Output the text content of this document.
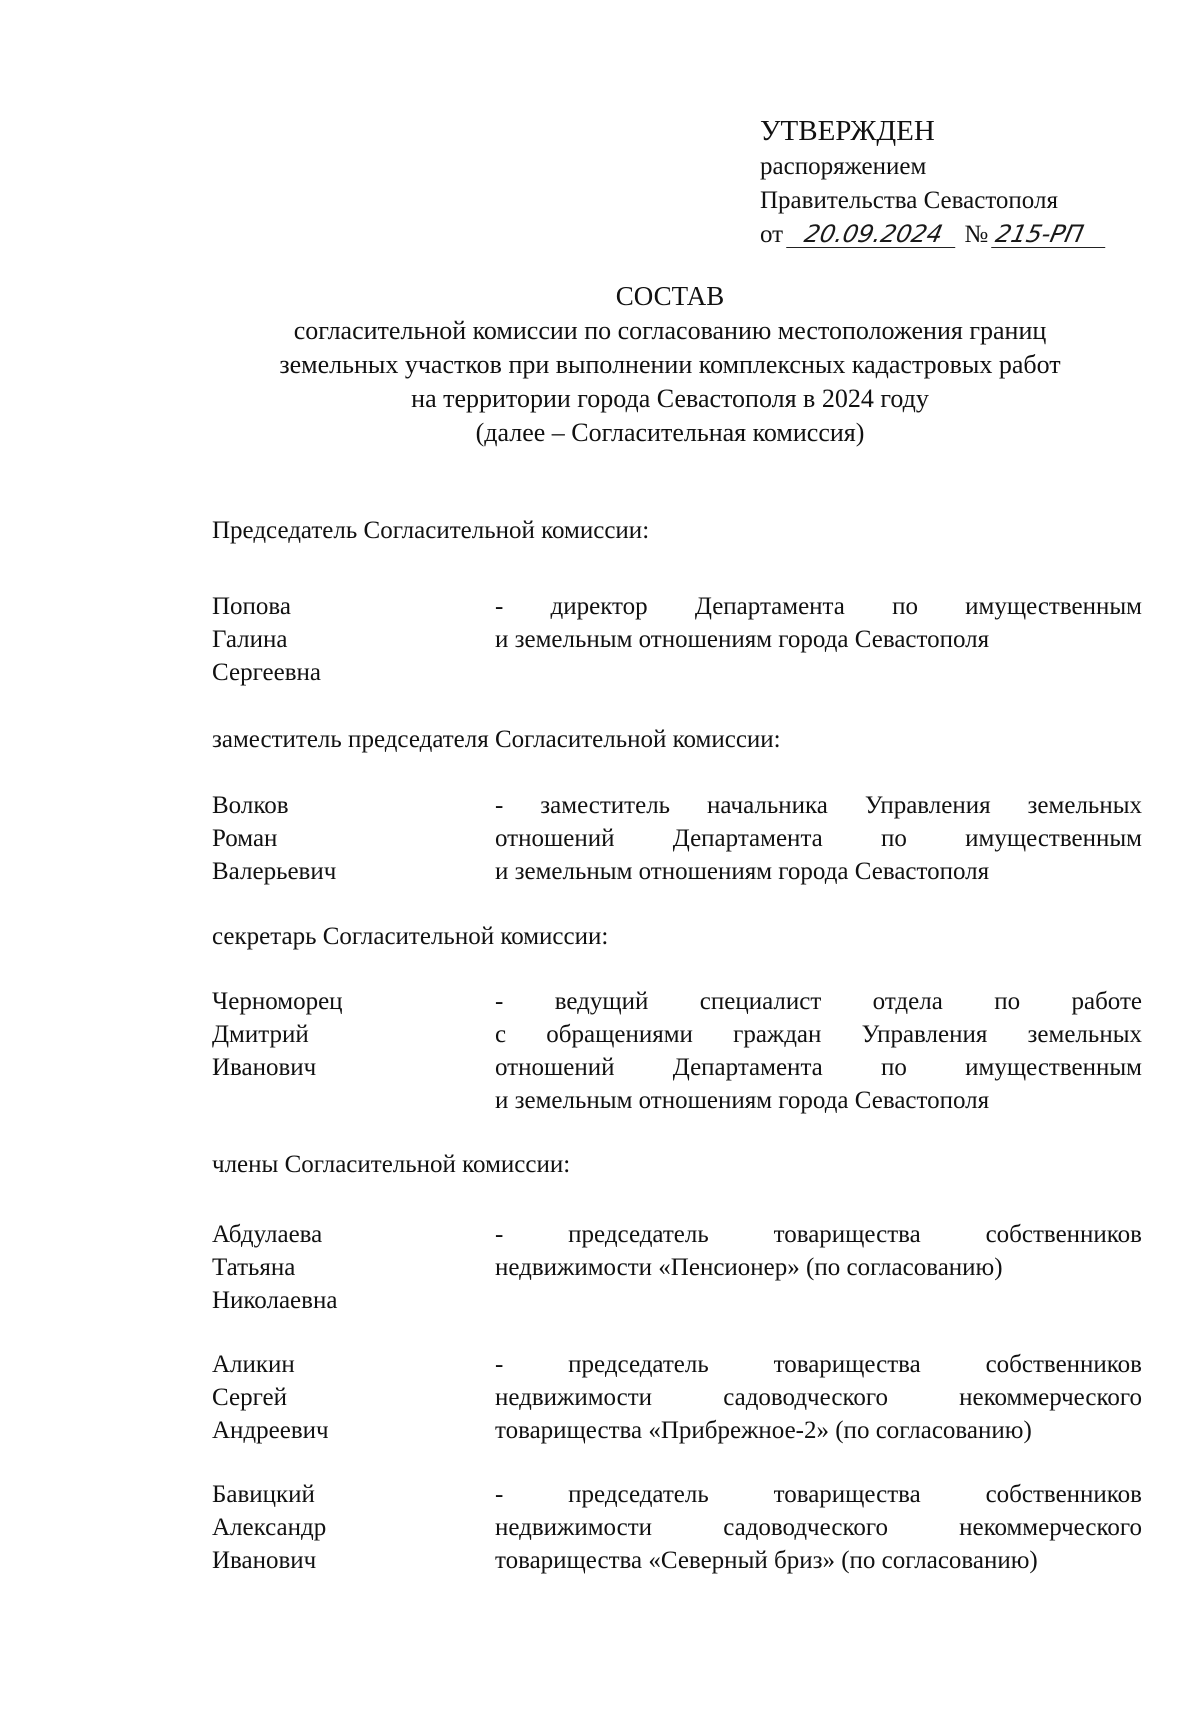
УТВЕРЖДЕН
распоряжением
Правительства Севастополя
от 20.09.2024 № 215-РП
СОСТАВ
согласительной комиссии по согласованию местоположения границ
земельных участков при выполнении комплексных кадастровых работ
на территории города Севастополя в 2024 году
(далее – Согласительная комиссия)
Председатель Согласительной комиссии:
Попова
Галина
Сергеевна
- директор Департамента по имущественным
и земельным отношениям города Севастополя
заместитель председателя Согласительной комиссии:
Волков
Роман
Валерьевич
- заместитель начальника Управления земельных
отношений Департамента по имущественным
и земельным отношениям города Севастополя
секретарь Согласительной комиссии:
Черноморец
Дмитрий
Иванович
- ведущий специалист отдела по работе
с обращениями граждан Управления земельных
отношений Департамента по имущественным
и земельным отношениям города Севастополя
члены Согласительной комиссии:
Абдулаева
Татьяна
Николаевна
- председатель товарищества собственников
недвижимости «Пенсионер» (по согласованию)
Аликин
Сергей
Андреевич
- председатель товарищества собственников
недвижимости садоводческого некоммерческого
товарищества «Прибрежное-2» (по согласованию)
Бавицкий
Александр
Иванович
- председатель товарищества собственников
недвижимости садоводческого некоммерческого
товарищества «Северный бриз» (по согласованию)
